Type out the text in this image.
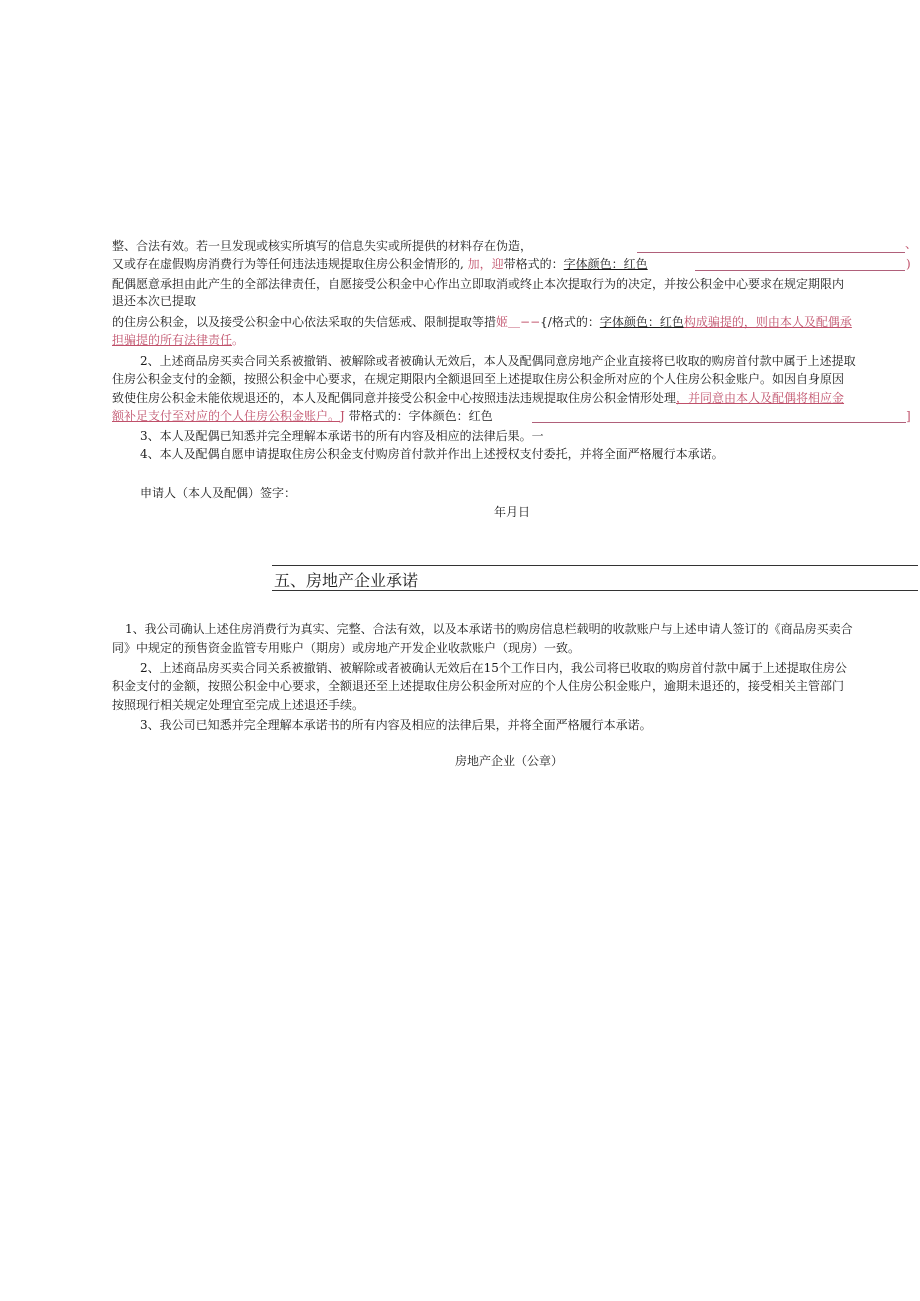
整、合法有效。若一旦发现或核实所填写的信息失实或所提供的材料存在伪造，	、
又或存在虚假购房消费行为等任何违法违规提取住房公积金情形的, 加，迎带格式的：字体颜色：红色	)
配偶愿意承担由此产生的全部法律责任，自愿接受公积金中心作出立即取消或终止本次提取行为的决定，并按公积金中心要求在规定期限内
退还本次已提取
的住房公积金，以及接受公积金中心依法采取的失信惩戒、限制提取等措姬＿−−{/格式的：字体颜色：红色构成骗提的，则由本人及配偶承
担骗提的所有法律责任。
2、上述商品房买卖合同关系被撤销、被解除或者被确认无效后，本人及配偶同意房地产企业直接将已收取的购房首付款中属于上述提取
住房公积金支付的金额，按照公积金中心要求，在规定期限内全额退回至上述提取住房公积金所对应的个人住房公积金账户。如因自身原因
致使住房公积金未能依规退还的，本人及配偶同意并接受公积金中心按照违法违规提取住房公积金情形处理，并同意由本人及配偶将相应金
额补足支付至对应的个人住房公积金账户。J 带格式的：字体颜色：红色	]
3、本人及配偶已知悉并完全理解本承诺书的所有内容及相应的法律后果。一
4、本人及配偶自愿申请提取住房公积金支付购房首付款并作出上述授权支付委托，并将全面严格履行本承诺。
申请人（本人及配偶）签字：
年月日
五、房地产企业承诺
1、我公司确认上述住房消费行为真实、完整、合法有效，以及本承诺书的购房信息栏载明的收款账户与上述申请人签订的《商品房买卖合
同》中规定的预售资金监管专用账户（期房）或房地产开发企业收款账户（现房）一致。
2、上述商品房买卖合同关系被撤销、被解除或者被确认无效后在15个工作日内，我公司将已收取的购房首付款中属于上述提取住房公
积金支付的金额，按照公积金中心要求，全额退还至上述提取住房公积金所对应的个人住房公积金账户，逾期未退还的，接受相关主管部门
按照现行相关规定处理宜至完成上述退还手续。
3、我公司已知悉并完全理解本承诺书的所有内容及相应的法律后果，并将全面严格履行本承诺。
房地产企业（公章）
